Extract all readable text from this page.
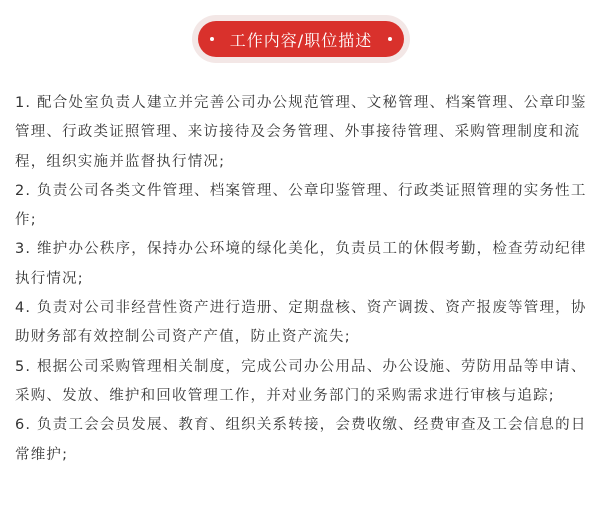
工作内容/职位描述

1. 配合处室负责人建立并完善公司办公规范管理、文秘管理、档案管理、公章印鉴管理、行政类证照管理、来访接待及会务管理、外事接待管理、采购管理制度和流程，组织实施并监督执行情况;

2. 负责公司各类文件管理、档案管理、公章印鉴管理、行政类证照管理的实务性工作;

3. 维护办公秩序，保持办公环境的绿化美化，负责员工的休假考勤，检查劳动纪律执行情况;

4. 负责对公司非经营性资产进行造册、定期盘核、资产调拨、资产报废等管理，协助财务部有效控制公司资产产值，防止资产流失;

5. 根据公司采购管理相关制度，完成公司办公用品、办公设施、劳防用品等申请、采购、发放、维护和回收管理工作，并对业务部门的采购需求进行审核与追踪;

6. 负责工会会员发展、教育、组织关系转接，会费收缴、经费审查及工会信息的日常维护;
